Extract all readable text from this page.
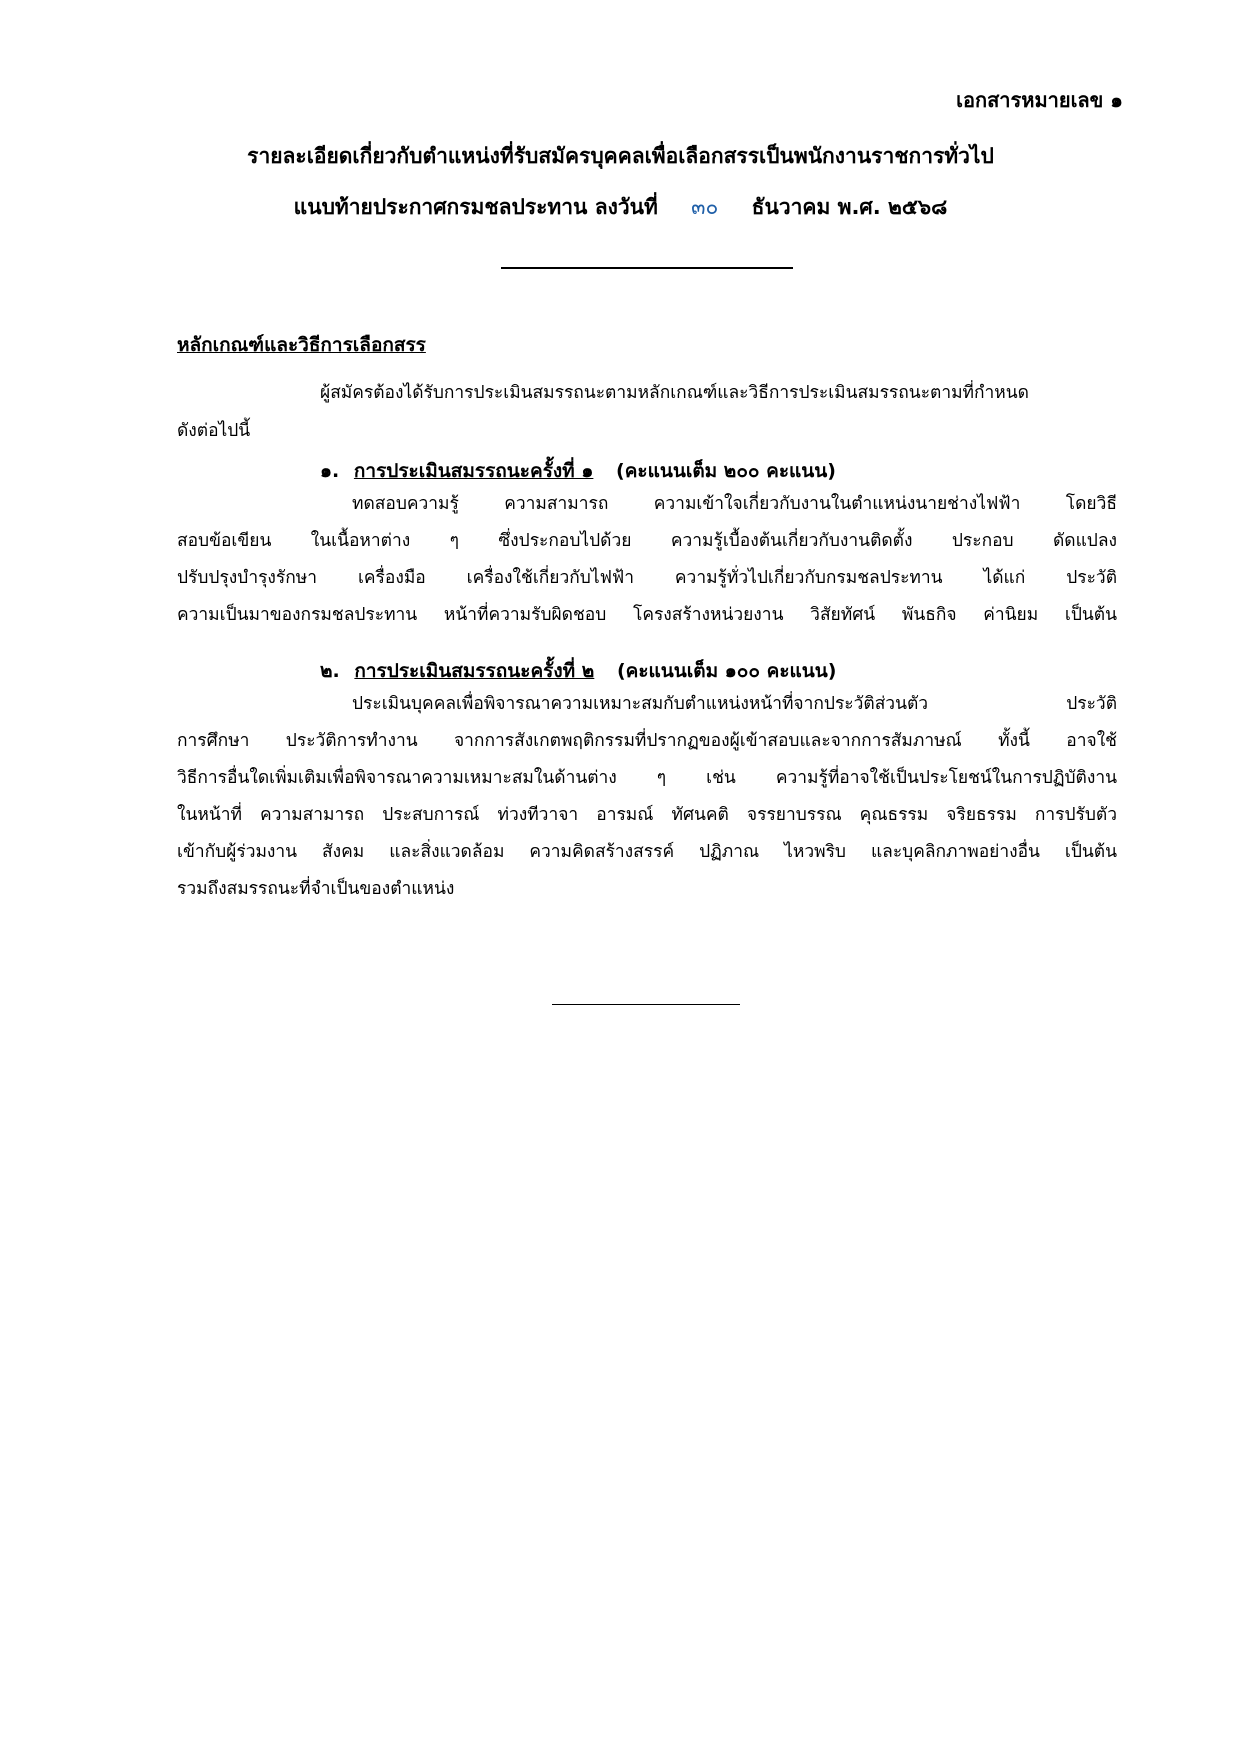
เอกสารหมายเลข ๑
รายละเอียดเกี่ยวกับตำแหน่งที่รับสมัครบุคคลเพื่อเลือกสรรเป็นพนักงานราชการทั่วไป
แนบท้ายประกาศกรมชลประทาน ลงวันที่ ๓๐ ธันวาคม พ.ศ. ๒๕๖๘
หลักเกณฑ์และวิธีการเลือกสรร
ผู้สมัครต้องได้รับการประเมินสมรรถนะตามหลักเกณฑ์และวิธีการประเมินสมรรถนะตามที่กำหนด
ดังต่อไปนี้
๑. การประเมินสมรรถนะครั้งที่ ๑ (คะแนนเต็ม ๒๐๐ คะแนน)
ทดสอบความรู้ ความสามารถ ความเข้าใจเกี่ยวกับงานในตำแหน่งนายช่างไฟฟ้า โดยวิธี
สอบข้อเขียน ในเนื้อหาต่าง ๆ ซึ่งประกอบไปด้วย ความรู้เบื้องต้นเกี่ยวกับงานติดตั้ง ประกอบ ดัดแปลง
ปรับปรุงบำรุงรักษา เครื่องมือ เครื่องใช้เกี่ยวกับไฟฟ้า ความรู้ทั่วไปเกี่ยวกับกรมชลประทาน ได้แก่ ประวัติ
ความเป็นมาของกรมชลประทาน หน้าที่ความรับผิดชอบ โครงสร้างหน่วยงาน วิสัยทัศน์ พันธกิจ ค่านิยม เป็นต้น
๒. การประเมินสมรรถนะครั้งที่ ๒ (คะแนนเต็ม ๑๐๐ คะแนน)
ประเมินบุคคลเพื่อพิจารณาความเหมาะสมกับตำแหน่งหน้าที่จากประวัติส่วนตัว ประวัติ
การศึกษา ประวัติการทำงาน จากการสังเกตพฤติกรรมที่ปรากฏของผู้เข้าสอบและจากการสัมภาษณ์ ทั้งนี้ อาจใช้
วิธีการอื่นใดเพิ่มเติมเพื่อพิจารณาความเหมาะสมในด้านต่าง ๆ เช่น ความรู้ที่อาจใช้เป็นประโยชน์ในการปฏิบัติงาน
ในหน้าที่ ความสามารถ ประสบการณ์ ท่วงทีวาจา อารมณ์ ทัศนคติ จรรยาบรรณ คุณธรรม จริยธรรม การปรับตัว
เข้ากับผู้ร่วมงาน สังคม และสิ่งแวดล้อม ความคิดสร้างสรรค์ ปฏิภาณ ไหวพริบ และบุคลิกภาพอย่างอื่น เป็นต้น
รวมถึงสมรรถนะที่จำเป็นของตำแหน่ง
